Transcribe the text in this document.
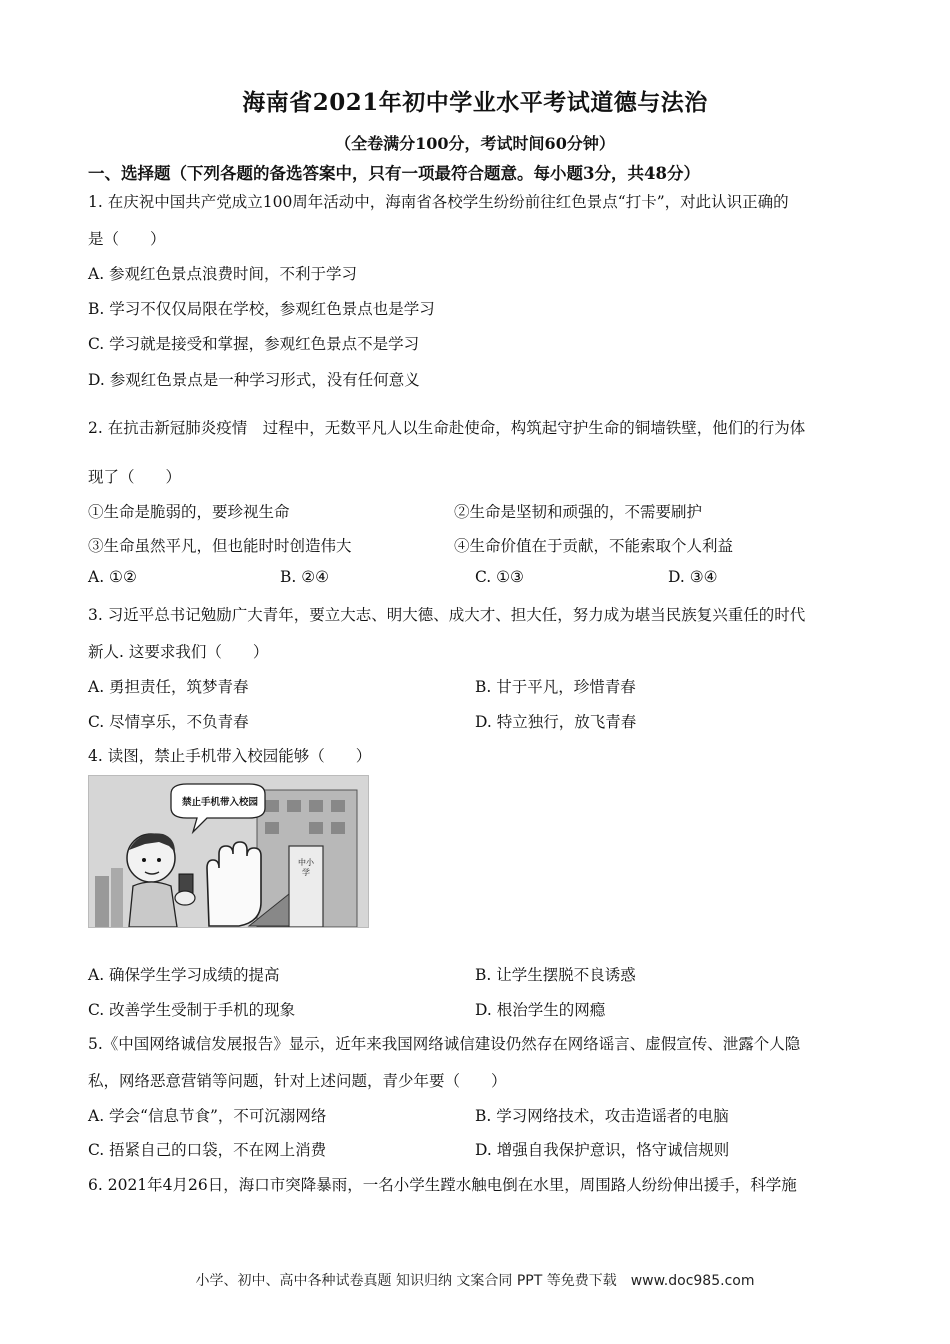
海南省2021年初中学业水平考试道德与法治
（全卷满分100分，考试时间60分钟）
一、选择题（下列各题的备选答案中，只有一项最符合题意。每小题3分，共48分）
1. 在庆祝中国共产党成立100周年活动中，海南省各校学生纷纷前往红色景点“打卡”，对此认识正确的
是（　　）
A. 参观红色景点浪费时间，不利于学习
B. 学习不仅仅局限在学校，参观红色景点也是学习
C. 学习就是接受和掌握，参观红色景点不是学习
D. 参观红色景点是一种学习形式，没有任何意义
2. 在抗击新冠肺炎疫情　过程中，无数平凡人以生命赴使命，构筑起守护生命的铜墙铁壁，他们的行为体
现了（　　）
①生命是脆弱的，要珍视生命	②生命是坚韧和顽强的，不需要刷护
③生命虽然平凡，但也能时时创造伟大	④生命价值在于贡献，不能索取个人利益
A. ①②	B. ②④	C. ①③	D. ③④
3. 习近平总书记勉励广大青年，要立大志、明大德、成大才、担大任，努力成为堪当民族复兴重任的时代
新人. 这要求我们（　　）
A. 勇担责任，筑梦青春	B. 甘于平凡，珍惜青春
C. 尽情享乐，不负青春	D. 特立独行，放飞青春
4. 读图，禁止手机带入校园能够（　　）
禁止手机带入校园
中小学
A. 确保学生学习成绩的提高	B. 让学生摆脱不良诱惑
C. 改善学生受制于手机的现象	D. 根治学生的网瘾
5.《中国网络诚信发展报告》显示，近年来我国网络诚信建设仍然存在网络谣言、虚假宣传、泄露个人隐
私，网络恶意营销等问题，针对上述问题，青少年要（　　）
A. 学会“信息节食”，不可沉溺网络	B. 学习网络技术，攻击造谣者的电脑
C. 捂紧自己的口袋，不在网上消费	D. 增强自我保护意识，恪守诚信规则
6. 2021年4月26日，海口市突降暴雨，一名小学生蹚水触电倒在水里，周围路人纷纷伸出援手，科学施
小学、初中、高中各种试卷真题 知识归纳 文案合同 PPT 等免费下载　www.doc985.com
